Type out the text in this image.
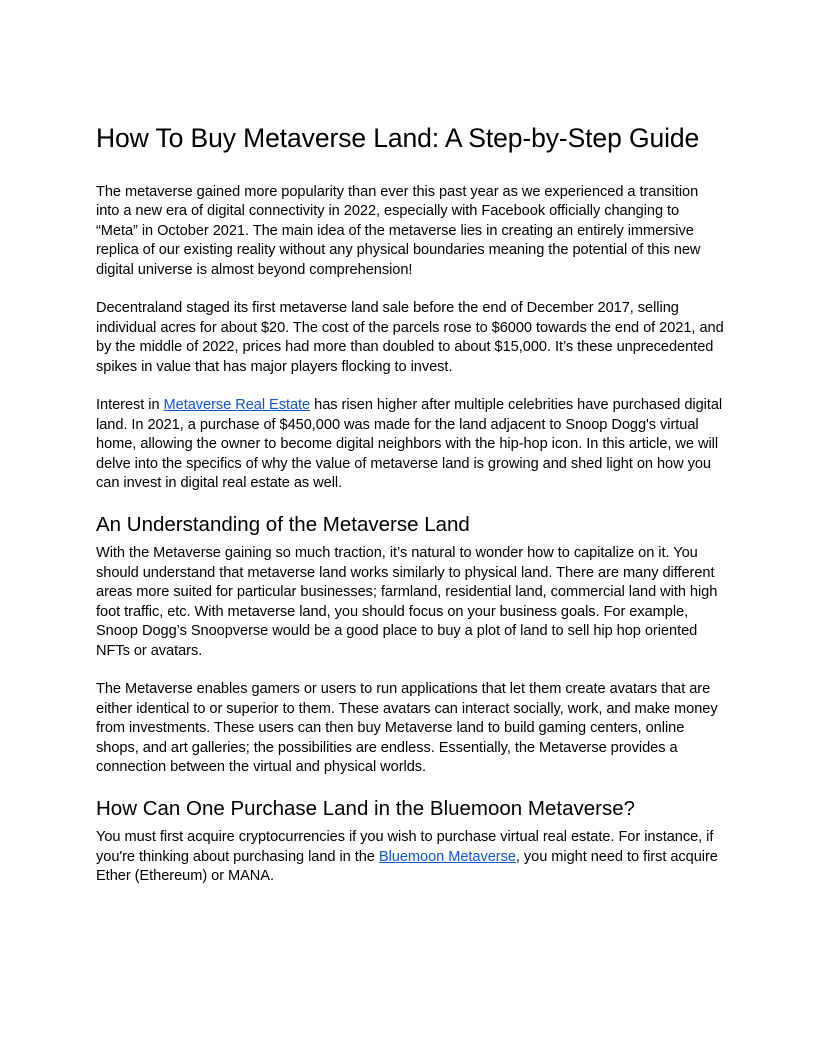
How To Buy Metaverse Land: A Step-by-Step Guide

The metaverse gained more popularity than ever this past year as we experienced a transition into a new era of digital connectivity in 2022, especially with Facebook officially changing to “Meta” in October 2021. The main idea of the metaverse lies in creating an entirely immersive replica of our existing reality without any physical boundaries meaning the potential of this new digital universe is almost beyond comprehension!

Decentraland staged its first metaverse land sale before the end of December 2017, selling individual acres for about $20. The cost of the parcels rose to $6000 towards the end of 2021, and by the middle of 2022, prices had more than doubled to about $15,000. It’s these unprecedented spikes in value that has major players flocking to invest.

Interest in Metaverse Real Estate has risen higher after multiple celebrities have purchased digital land. In 2021, a purchase of $450,000 was made for the land adjacent to Snoop Dogg's virtual home, allowing the owner to become digital neighbors with the hip-hop icon. In this article, we will delve into the specifics of why the value of metaverse land is growing and shed light on how you can invest in digital real estate as well.

An Understanding of the Metaverse Land

With the Metaverse gaining so much traction, it’s natural to wonder how to capitalize on it. You should understand that metaverse land works similarly to physical land. There are many different areas more suited for particular businesses; farmland, residential land, commercial land with high foot traffic, etc. With metaverse land, you should focus on your business goals. For example, Snoop Dogg’s Snoopverse would be a good place to buy a plot of land to sell hip hop oriented NFTs or avatars.

The Metaverse enables gamers or users to run applications that let them create avatars that are either identical to or superior to them. These avatars can interact socially, work, and make money from investments. These users can then buy Metaverse land to build gaming centers, online shops, and art galleries; the possibilities are endless. Essentially, the Metaverse provides a connection between the virtual and physical worlds.

How Can One Purchase Land in the Bluemoon Metaverse?

You must first acquire cryptocurrencies if you wish to purchase virtual real estate. For instance, if you're thinking about purchasing land in the Bluemoon Metaverse, you might need to first acquire Ether (Ethereum) or MANA.
